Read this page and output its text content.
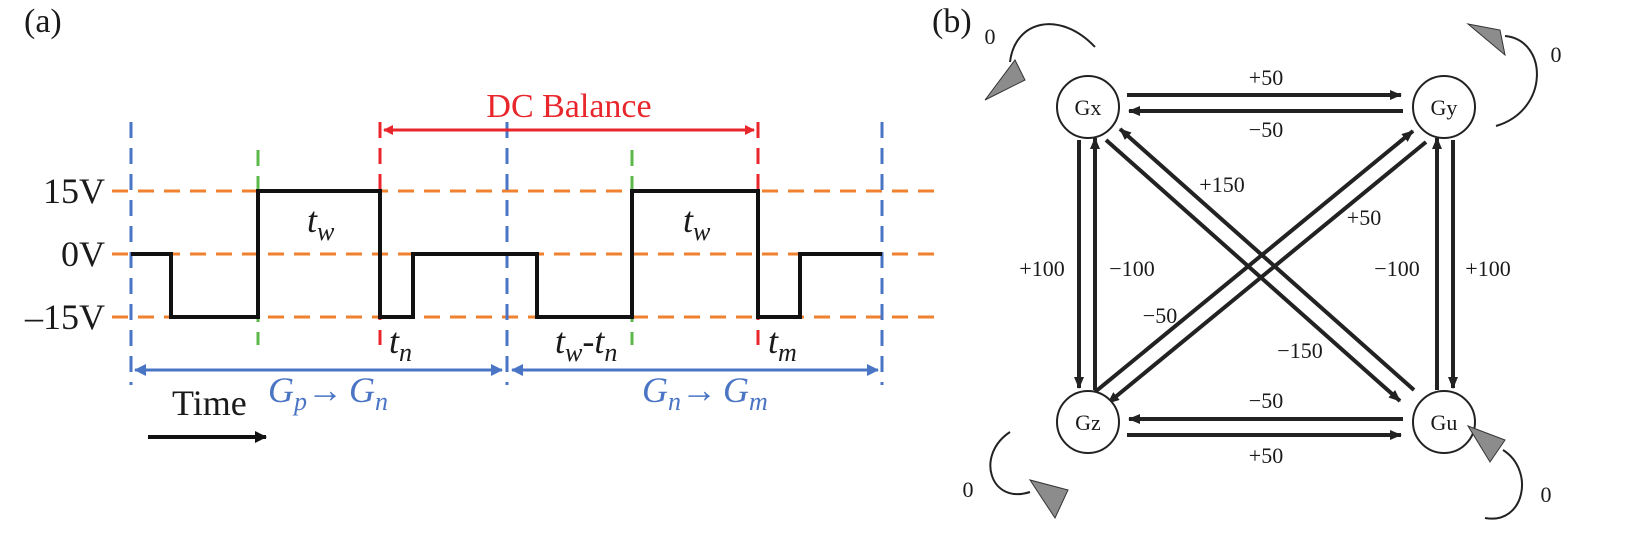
(a)
15V
0V
–15V
DC Balance
$t_w$	$t_w$
$t_n$	$t_w-t_n$	$t_m$
$G_p\to G_n$	$G_n\to G_m$
Time
(b)
+50
−50
−50
+50
+100 −100	−100 +100
+150
−150
+50
−50
Gx	Gy
Gz	Gu
0
0
0	0
